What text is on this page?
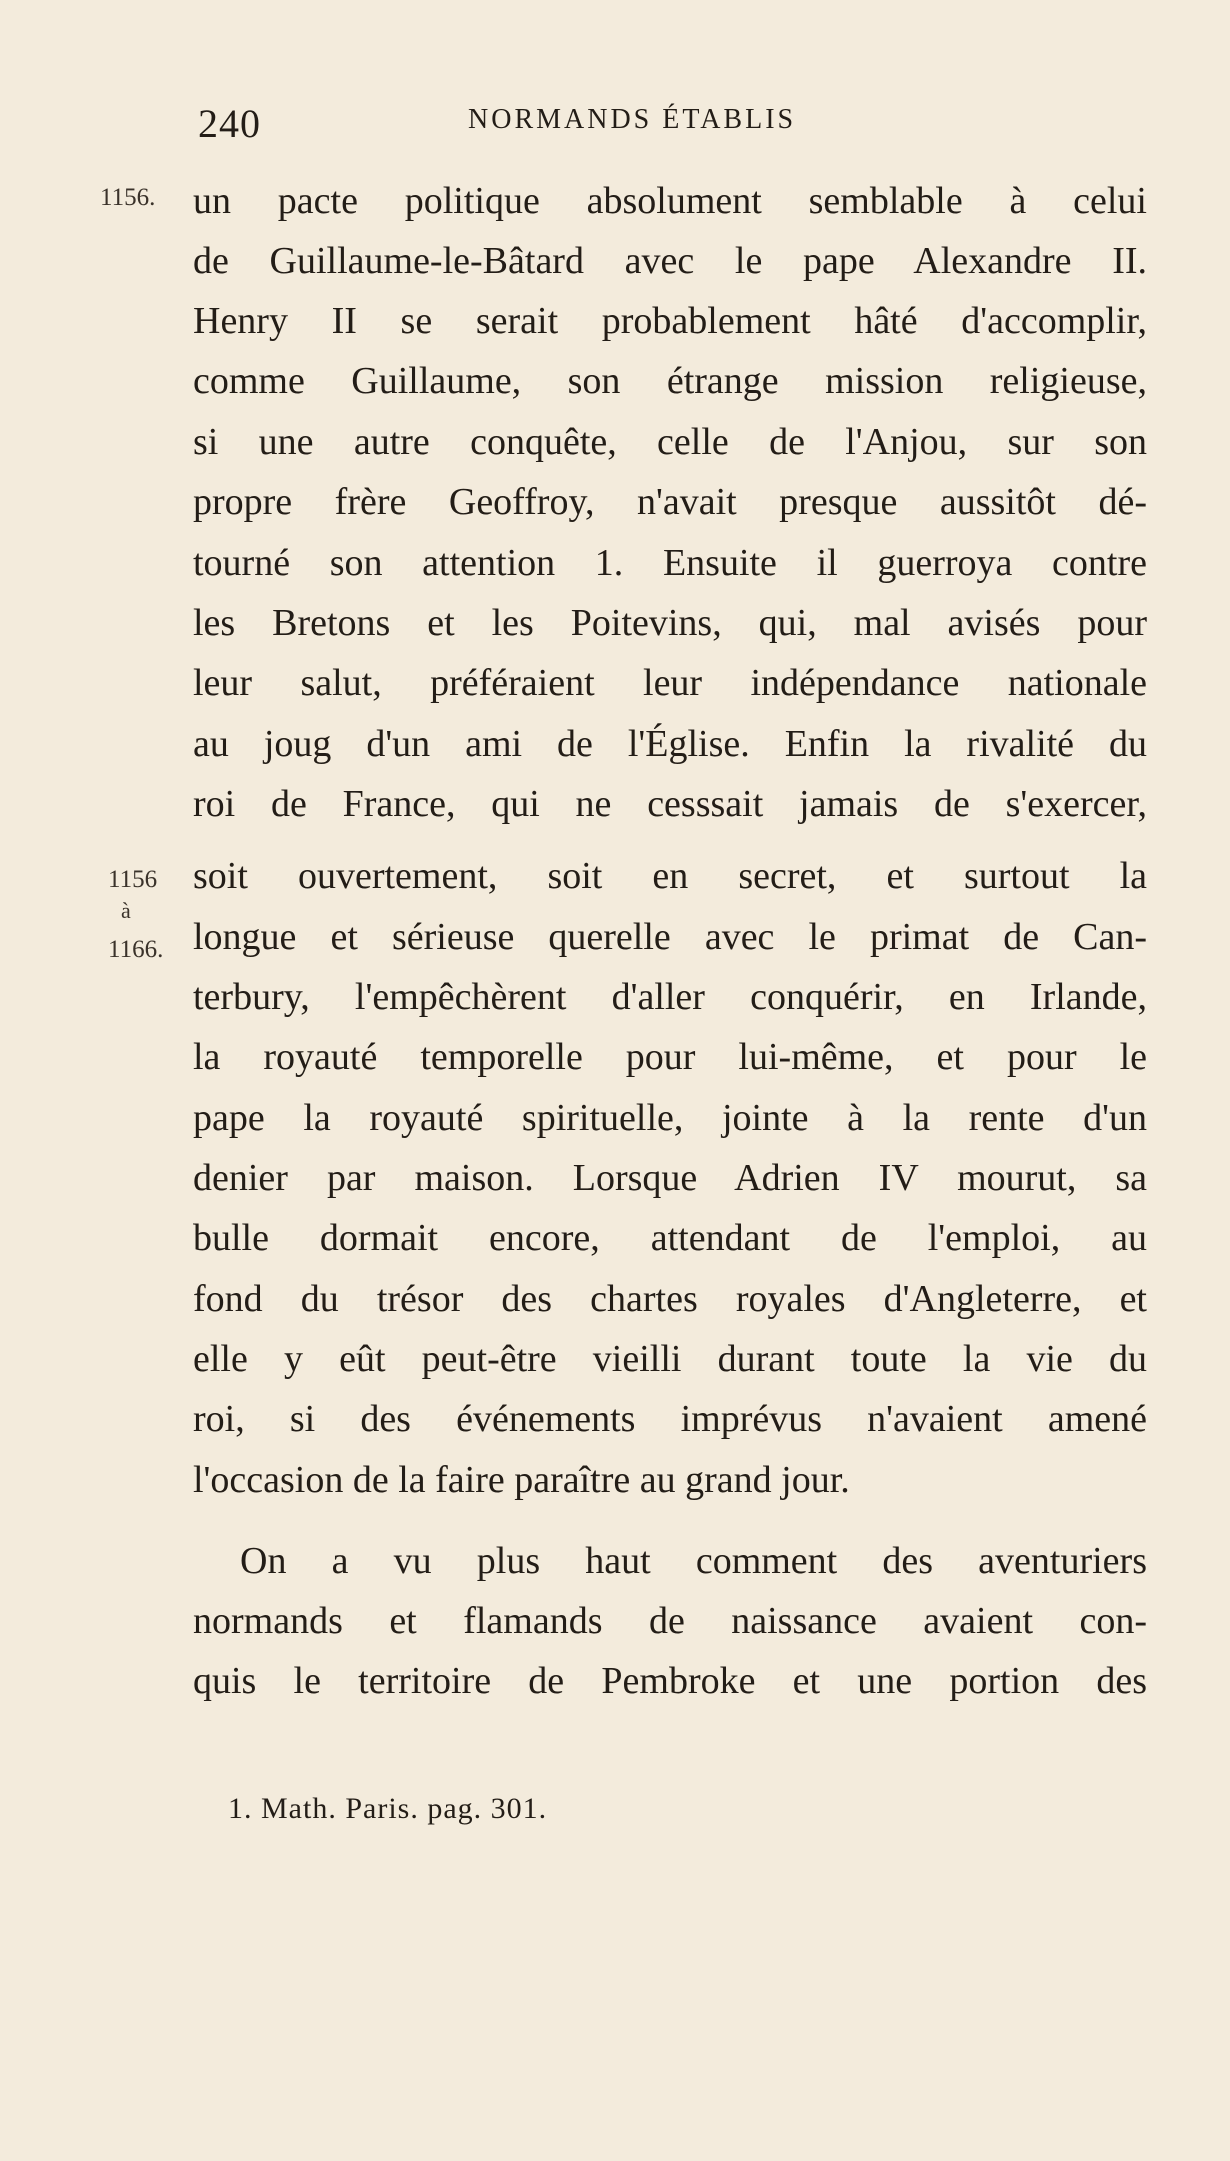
240	NORMANDS ÉTABLIS
1156.
1156
à
1166.
un pacte politique absolument semblable à celui
de Guillaume-le-Bâtard avec le pape Alexandre II.
Henry II se serait probablement hâté d'accomplir,
comme Guillaume, son étrange mission religieuse,
si une autre conquête, celle de l'Anjou, sur son
propre frère Geoffroy, n'avait presque aussitôt dé-
tourné son attention 1. Ensuite il guerroya contre
les Bretons et les Poitevins, qui, mal avisés pour
leur salut, préféraient leur indépendance nationale
au joug d'un ami de l'Église. Enfin la rivalité du
roi de France, qui ne cesssait jamais de s'exercer,
soit ouvertement, soit en secret, et surtout la
longue et sérieuse querelle avec le primat de Can-
terbury, l'empêchèrent d'aller conquérir, en Irlande,
la royauté temporelle pour lui-même, et pour le
pape la royauté spirituelle, jointe à la rente d'un
denier par maison. Lorsque Adrien IV mourut, sa
bulle dormait encore, attendant de l'emploi, au
fond du trésor des chartes royales d'Angleterre, et
elle y eût peut-être vieilli durant toute la vie du
roi, si des événements imprévus n'avaient amené
l'occasion de la faire paraître au grand jour.
On a vu plus haut comment des aventuriers
normands et flamands de naissance avaient con-
quis le territoire de Pembroke et une portion des
1. Math. Paris. pag. 301.
